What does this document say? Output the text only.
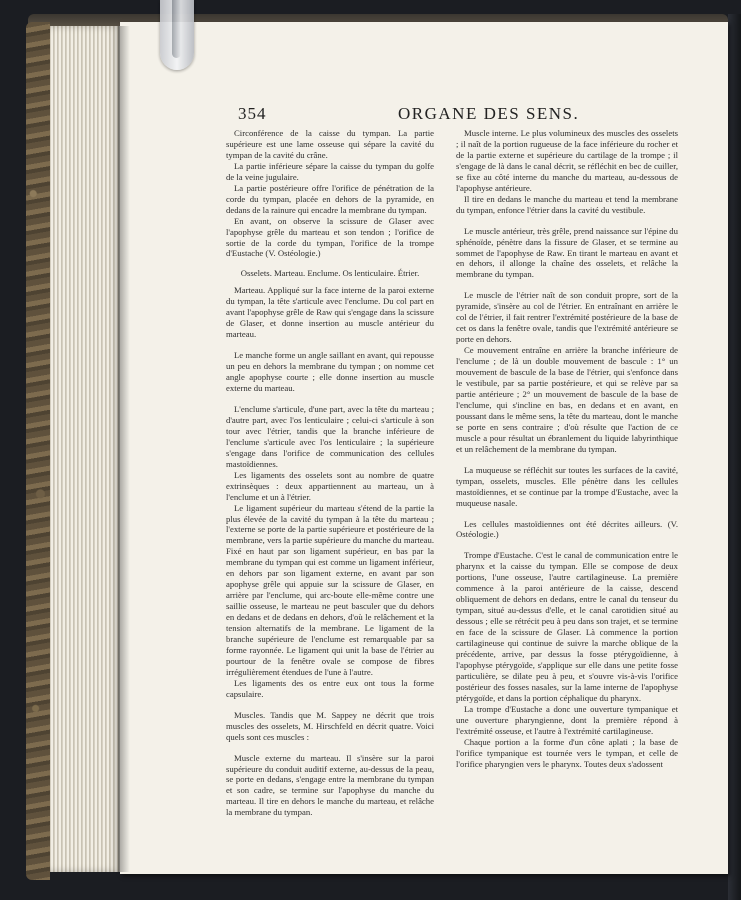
354	ORGANE DES SENS.

Circonférence de la caisse du tympan. La partie supérieure est une lame osseuse qui sépare la cavité du tympan de la cavité du crâne.

La partie inférieure sépare la caisse du tympan du golfe de la veine jugulaire.

La partie postérieure offre l'orifice de pénétration de la corde du tympan, placée en dehors de la pyramide, en dedans de la rainure qui encadre la membrane du tympan.

En avant, on observe la scissure de Glaser avec l'apophyse grêle du marteau et son tendon ; l'orifice de sortie de la corde du tympan, l'orifice de la trompe d'Eustache (V. Ostéologie.)

Osselets. Marteau. Enclume. Os lenticulaire. Étrier.

Marteau. Appliqué sur la face interne de la paroi externe du tympan, la tête s'articule avec l'enclume. Du col part en avant l'apophyse grêle de Raw qui s'engage dans la scissure de Glaser, et donne insertion au muscle antérieur du marteau.

Le manche forme un angle saillant en avant, qui repousse un peu en dehors la membrane du tympan ; on nomme cet angle apophyse courte ; elle donne insertion au muscle externe du marteau.

L'enclume s'articule, d'une part, avec la tête du marteau ; d'autre part, avec l'os lenticulaire ; celui-ci s'articule à son tour avec l'étrier, tandis que la branche inférieure de l'enclume s'articule avec l'os lenticulaire ; la supérieure s'engage dans l'orifice de communication des cellules mastoïdiennes.

Les ligaments des osselets sont au nombre de quatre extrinsèques : deux appartiennent au marteau, un à l'enclume et un à l'étrier.

Le ligament supérieur du marteau s'étend de la partie la plus élevée de la cavité du tympan à la tête du marteau ; l'externe se porte de la partie supérieure et postérieure de la membrane, vers la partie supérieure du manche du marteau. Fixé en haut par son ligament supérieur, en bas par la membrane du tympan qui est comme un ligament inférieur, en dehors par son ligament externe, en avant par son apophyse grêle qui appuie sur la scissure de Glaser, en arrière par l'enclume, qui arc-boute elle-même contre une saillie osseuse, le marteau ne peut basculer que du dehors en dedans et de dedans en dehors, d'où le relâchement et la tension alternatifs de la membrane. Le ligament de la branche supérieure de l'enclume est remarquable par sa forme rayonnée. Le ligament qui unit la base de l'étrier au pourtour de la fenêtre ovale se compose de fibres irrégulièrement étendues de l'une à l'autre.

Les ligaments des os entre eux ont tous la forme capsulaire.

Muscles. Tandis que M. Sappey ne décrit que trois muscles des osselets, M. Hirschfeld en décrit quatre. Voici quels sont ces muscles :

Muscle externe du marteau. Il s'insère sur la paroi supérieure du conduit auditif externe, au-dessus de la peau, se porte en dedans, s'engage entre la membrane du tympan et son cadre, se termine sur l'apophyse du manche du marteau. Il tire en dehors le manche du marteau, et relâche la membrane du tympan.

Muscle interne. Le plus volumineux des muscles des osselets ; il naît de la portion rugueuse de la face inférieure du rocher et de la partie externe et supérieure du cartilage de la trompe ; il s'engage de là dans le canal décrit, se réfléchit en bec de cuiller, se fixe au côté interne du manche du marteau, au-dessous de l'apophyse antérieure.

Il tire en dedans le manche du marteau et tend la membrane du tympan, enfonce l'étrier dans la cavité du vestibule.

Le muscle antérieur, très grêle, prend naissance sur l'épine du sphénoïde, pénètre dans la fissure de Glaser, et se termine au sommet de l'apophyse de Raw. En tirant le marteau en avant et en dehors, il allonge la chaîne des osselets, et relâche la membrane du tympan.

Le muscle de l'étrier naît de son conduit propre, sort de la pyramide, s'insère au col de l'étrier. En entraînant en arrière le col de l'étrier, il fait rentrer l'extrémité postérieure de la base de cet os dans la fenêtre ovale, tandis que l'extrémité antérieure se porte en dehors.

Ce mouvement entraîne en arrière la branche inférieure de l'enclume ; de là un double mouvement de bascule : 1° un mouvement de bascule de la base de l'étrier, qui s'enfonce dans le vestibule, par sa partie postérieure, et qui se relève par sa partie antérieure ; 2° un mouvement de bascule de la base de l'enclume, qui s'incline en bas, en dedans et en avant, en poussant dans le même sens, la tête du marteau, dont le manche se porte en sens contraire ; d'où résulte que l'action de ce muscle a pour résultat un ébranlement du liquide labyrinthique et un relâchement de la membrane du tympan.

La muqueuse se réfléchit sur toutes les surfaces de la cavité, tympan, osselets, muscles. Elle pénètre dans les cellules mastoïdiennes, et se continue par la trompe d'Eustache, avec la muqueuse nasale.

Les cellules mastoïdiennes ont été décrites ailleurs. (V. Ostéologie.)

Trompe d'Eustache. C'est le canal de communication entre le pharynx et la caisse du tympan. Elle se compose de deux portions, l'une osseuse, l'autre cartilagineuse. La première commence à la paroi antérieure de la caisse, descend obliquement de dehors en dedans, entre le canal du tenseur du tympan, situé au-dessus d'elle, et le canal carotidien situé au dessous ; elle se rétrécit peu à peu dans son trajet, et se termine en face de la scissure de Glaser. Là commence la portion cartilagineuse qui continue de suivre la marche oblique de la précédente, arrive, par dessus la fosse ptérygoïdienne, à l'apophyse ptérygoïde, s'applique sur elle dans une petite fosse particulière, se dilate peu à peu, et s'ouvre vis-à-vis l'orifice postérieur des fosses nasales, sur la lame interne de l'apophyse ptérygoïde, et dans la portion céphalique du pharynx.

La trompe d'Eustache a donc une ouverture tympanique et une ouverture pharyngienne, dont la première répond à l'extrémité osseuse, et l'autre à l'extrémité cartilagineuse.

Chaque portion a la forme d'un cône aplati ; la base de l'orifice tympanique est tournée vers le tympan, et celle de l'orifice pharyngien vers le pharynx. Toutes deux s'adossent
